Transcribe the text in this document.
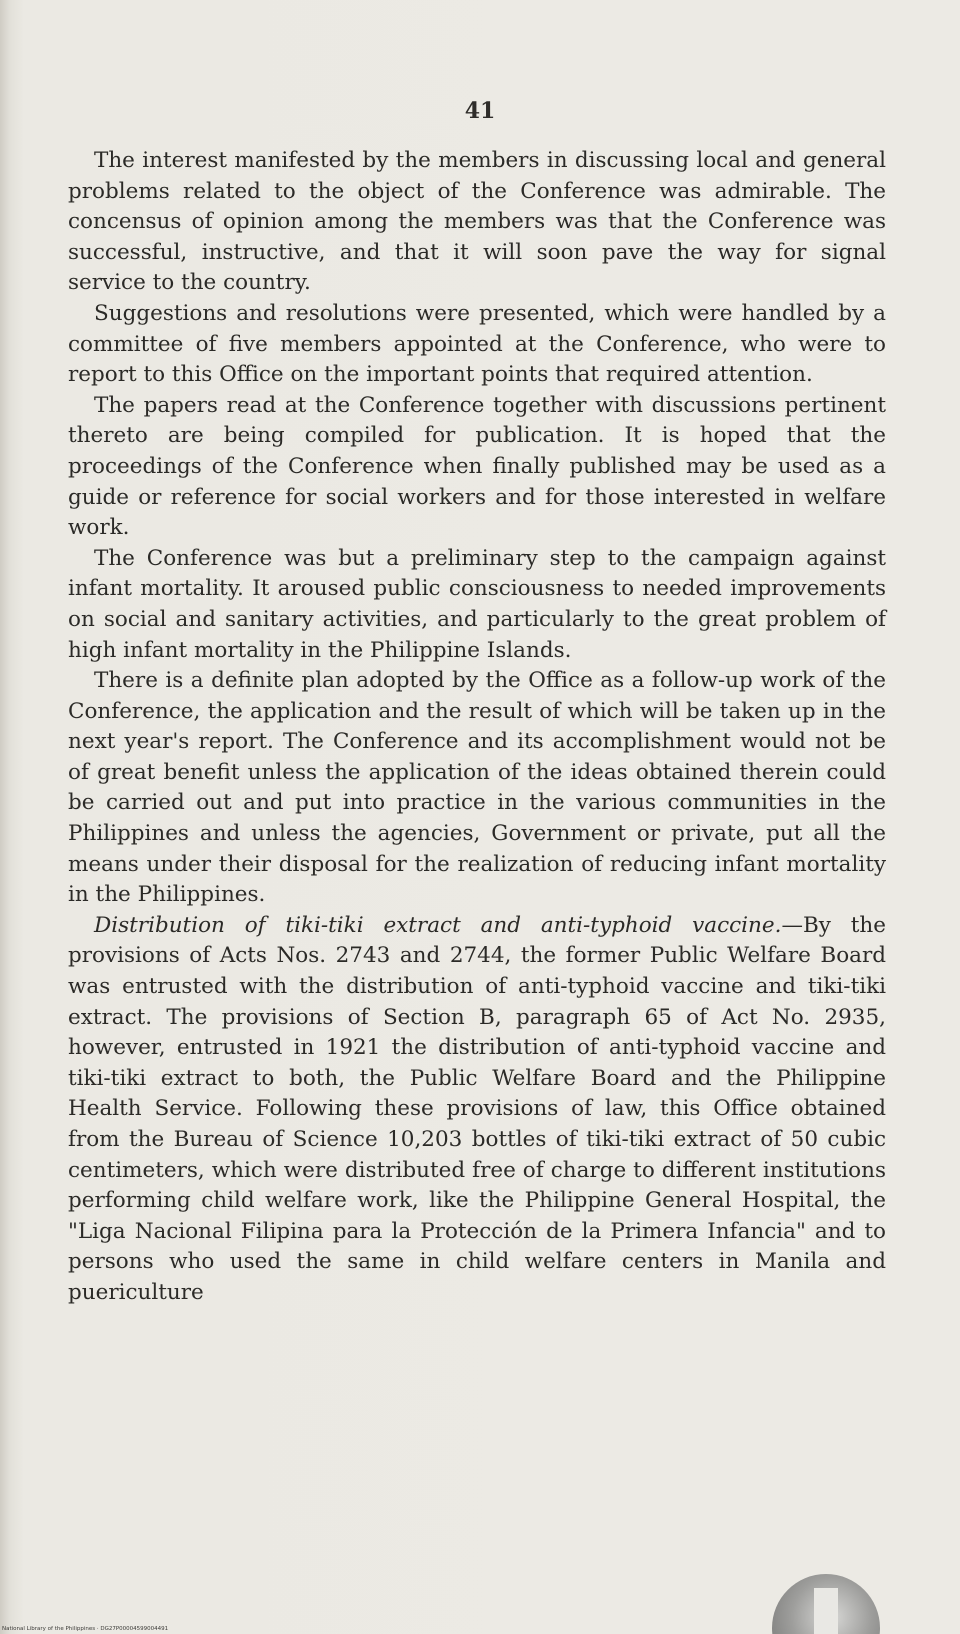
41

The interest manifested by the members in discussing local and general problems related to the object of the Conference was admirable. The concensus of opinion among the members was that the Conference was successful, instructive, and that it will soon pave the way for signal service to the country.

Suggestions and resolutions were presented, which were handled by a committee of five members appointed at the Conference, who were to report to this Office on the important points that required attention.

The papers read at the Conference together with discussions pertinent thereto are being compiled for publication. It is hoped that the proceedings of the Conference when finally published may be used as a guide or reference for social workers and for those interested in welfare work.

The Conference was but a preliminary step to the campaign against infant mortality. It aroused public consciousness to needed improvements on social and sanitary activities, and particularly to the great problem of high infant mortality in the Philippine Islands.

There is a definite plan adopted by the Office as a follow-up work of the Conference, the application and the result of which will be taken up in the next year's report. The Conference and its accomplishment would not be of great benefit unless the application of the ideas obtained therein could be carried out and put into practice in the various communities in the Philippines and unless the agencies, Government or private, put all the means under their disposal for the realization of reducing infant mortality in the Philippines.

Distribution of tiki-tiki extract and anti-typhoid vaccine.—By the provisions of Acts Nos. 2743 and 2744, the former Public Welfare Board was entrusted with the distribution of anti-typhoid vaccine and tiki-tiki extract. The provisions of Section B, paragraph 65 of Act No. 2935, however, entrusted in 1921 the distribution of anti-typhoid vaccine and tiki-tiki extract to both, the Public Welfare Board and the Philippine Health Service. Following these provisions of law, this Office obtained from the Bureau of Science 10,203 bottles of tiki-tiki extract of 50 cubic centimeters, which were distributed free of charge to different institutions performing child welfare work, like the Philippine General Hospital, the "Liga Nacional Filipina para la Protección de la Primera Infancia" and to persons who used the same in child welfare centers in Manila and puericulture

National Library of the Philippines · DG27P00004599004491
